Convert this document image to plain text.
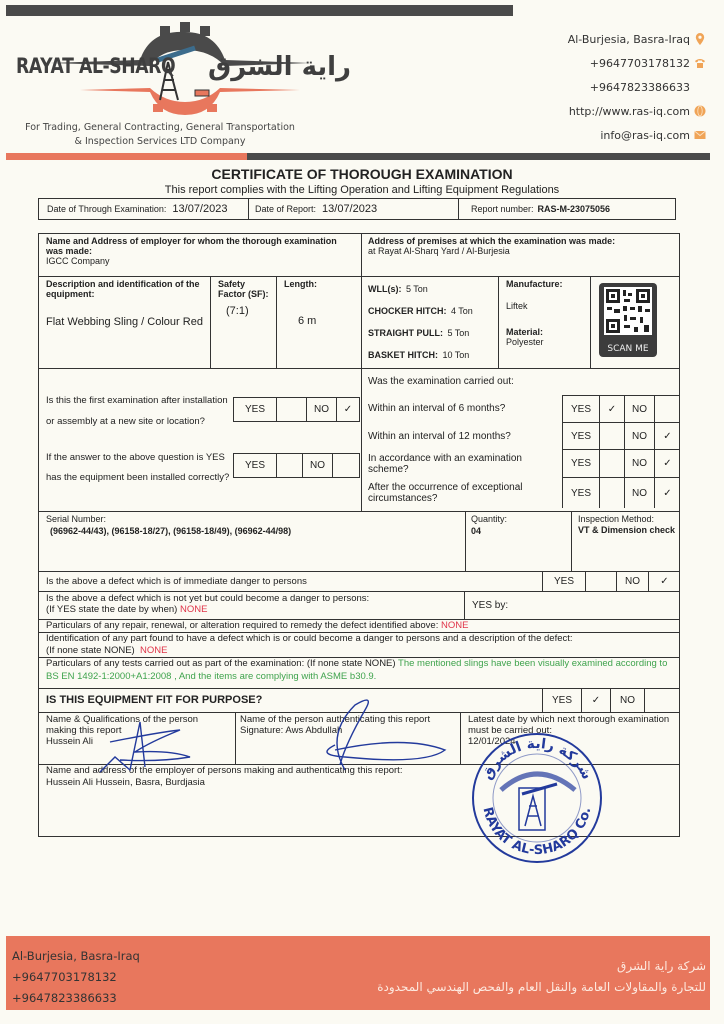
RAYAT AL-SHARQ راية الشرق
For Trading, General Contracting, General Transportation
& Inspection Services LTD Company
Al-Burjesia, Basra-Iraq
+9647703178132
+9647823386633
http://www.ras-iq.com
info@ras-iq.com
CERTIFICATE OF THOROUGH EXAMINATION
This report complies with the Lifting Operation and Lifting Equipment Regulations
Date of Through Examination: 13/07/2023	Date of Report: 13/07/2023	Report number: RAS-M-23075056
Name and Address of employer for whom the thorough examination was made:
IGCC Company
Address of premises at which the examination was made:
at Rayat Al-Sharq Yard / Al-Burjesia
Description and identification of the equipment:
Flat Webbing Sling / Colour Red
Safety Factor (SF):
(7:1)
Length:
6 m
WLL(s): 5 Ton
CHOCKER HITCH: 4 Ton
STRAIGHT PULL: 5 Ton
BASKET HITCH: 10 Ton
Manufacture:
Liftek
Material:
Polyester
SCAN ME
Is this the first examination after installation or assembly at a new site or location?
YES	NO	✓
If the answer to the above question is YES has the equipment been installed correctly?
YES	NO
Was the examination carried out:
Within an interval of 6 months?	YES	✓	NO
Within an interval of 12 months?	YES	NO	✓
In accordance with an examination scheme?
YES	NO	✓
After the occurrence of exceptional circumstances?	YES	NO	✓
Serial Number:
(96962-44/43), (96158-18/27), (96158-18/49), (96962-44/98)
Quantity:
04
Inspection Method:
VT & Dimension check
Is the above a defect which is of immediate danger to persons	YES	NO	✓
Is the above a defect which is not yet but could become a danger to persons:
(If YES state the date by when) NONE	YES by:
Particulars of any repair, renewal, or alteration required to remedy the defect identified above: NONE
Identification of any part found to have a defect which is or could become a danger to persons and a description of the defect:
(If none state NONE) NONE
Particulars of any tests carried out as part of the examination: (If none state NONE) The mentioned slings have been visually examined according to BS EN 1492-1:2000+A1:2008 , And the items are complying with ASME b30.9.
IS THIS EQUIPMENT FIT FOR PURPOSE?	YES	✓	NO
Name & Qualifications of the person making this report
Hussein Ali
Name of the person authenticating this report
Signature: Aws Abdullah
Latest date by which next thorough examination must be carried out:
12/01/2024
Name and address of the employer of persons making and authenticating this report:
Hussein Ali Hussein, Basra, Burdjasia
شركة راية الشرق
RAYAT AL-SHARQ Co.
Al-Burjesia, Basra-Iraq
+9647703178132
+9647823386633
شركة راية الشرق
للتجارة والمقاولات العامة والنقل العام والفحص الهندسي المحدودة
